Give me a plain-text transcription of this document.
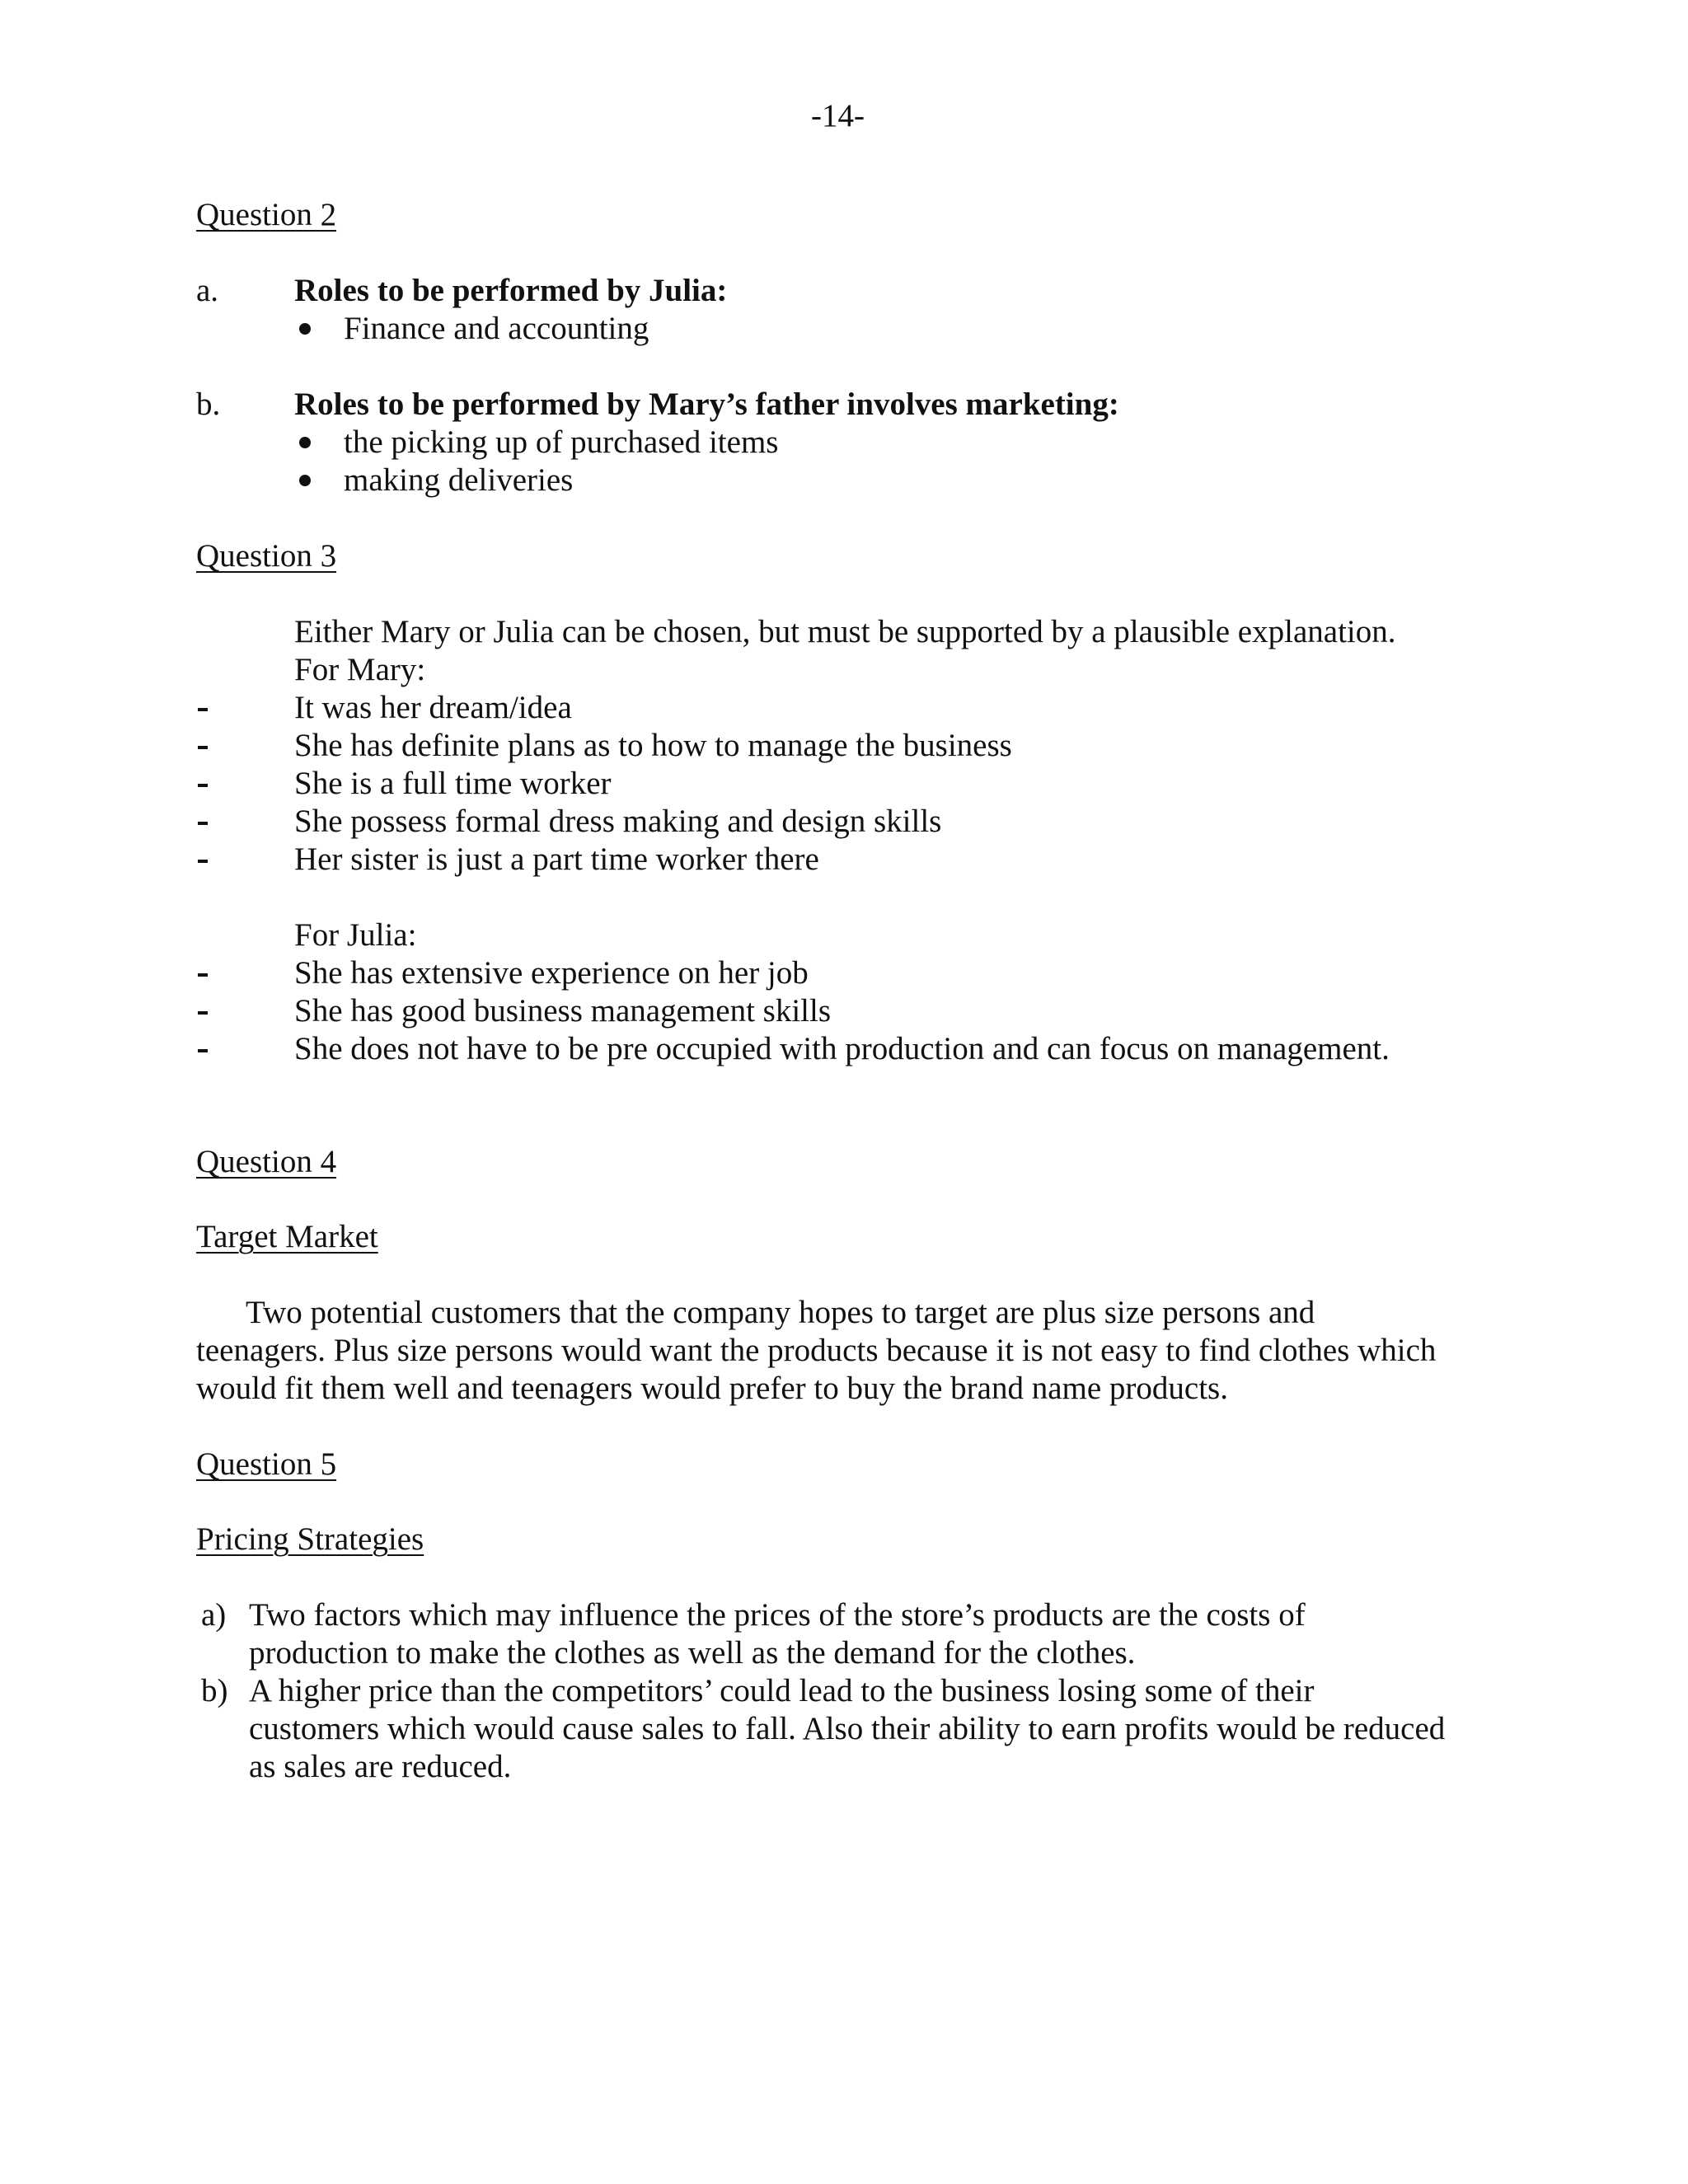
-14-
Question 2
a. Roles to be performed by Julia:
Finance and accounting
b. Roles to be performed by Mary’s father involves marketing:
the picking up of purchased items
making deliveries
Question 3
Either Mary or Julia can be chosen, but must be supported by a plausible explanation.
For Mary:
It was her dream/idea
She has definite plans as to how to manage the business
She is a full time worker
She possess formal dress making and design skills
Her sister is just a part time worker there
For Julia:
She has extensive experience on her job
She has good business management skills
She does not have to be pre occupied with production and can focus on management.
Question 4
Target Market
Two potential customers that the company hopes to target are plus size persons and
teenagers. Plus size persons would want the products because it is not easy to find clothes which
would fit them well and teenagers would prefer to buy the brand name products.
Question 5
Pricing Strategies
a) Two factors which may influence the prices of the store’s products are the costs of
production to make the clothes as well as the demand for the clothes.
b) A higher price than the competitors’ could lead to the business losing some of their
customers which would cause sales to fall. Also their ability to earn profits would be reduced
as sales are reduced.
